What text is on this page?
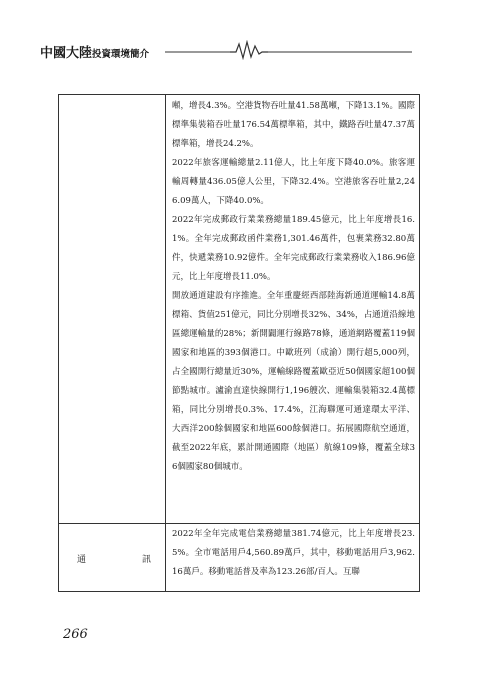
中國大陸投資環境簡介

噸，增長4.3%。空港貨物吞吐量41.58萬噸，下降13.1%。國際標準集裝箱吞吐量176.54萬標準箱，其中，鐵路吞吐量47.37萬標準箱，增長24.2%。

2022年旅客運輸總量2.11億人，比上年度下降40.0%。旅客運輸周轉量436.05億人公里，下降32.4%。空港旅客吞吐量2,246.09萬人，下降40.0%。

2022年完成郵政行業業務總量189.45億元，比上年度增長16.1%。全年完成郵政函件業務1,301.46萬件，包裹業務32.80萬件，快遞業務10.92億件。全年完成郵政行業業務收入186.96億元，比上年度增長11.0%。

開放通道建設有序推進。全年重慶經西部陸海新通道運輸14.8萬標箱、貨值251億元，同比分別增長32%、34%，占通道沿線地區總運輸量的28%；新開闢運行線路78條，通道網路覆蓋119個國家和地區的393個港口。中歐班列（成渝）開行超5,000列，占全國開行總量近30%，運輸線路覆蓋歐亞近50個國家超100個節點城市。瀘渝直達快線開行1,196艘次、運輸集裝箱32.4萬標箱，同比分別增長0.3%、17.4%，江海聯運可通達環太平洋、大西洋200餘個國家和地區600餘個港口。拓展國際航空通道，截至2022年底，累計開通國際（地區）航線109條，覆蓋全球36個國家80個城市。

通	訊

2022年全年完成電信業務總量381.74億元，比上年度增長23.5%。全市電話用戶4,560.89萬戶，其中，移動電話用戶3,962.16萬戶。移動電話普及率為123.26部/百人。互聯

266
